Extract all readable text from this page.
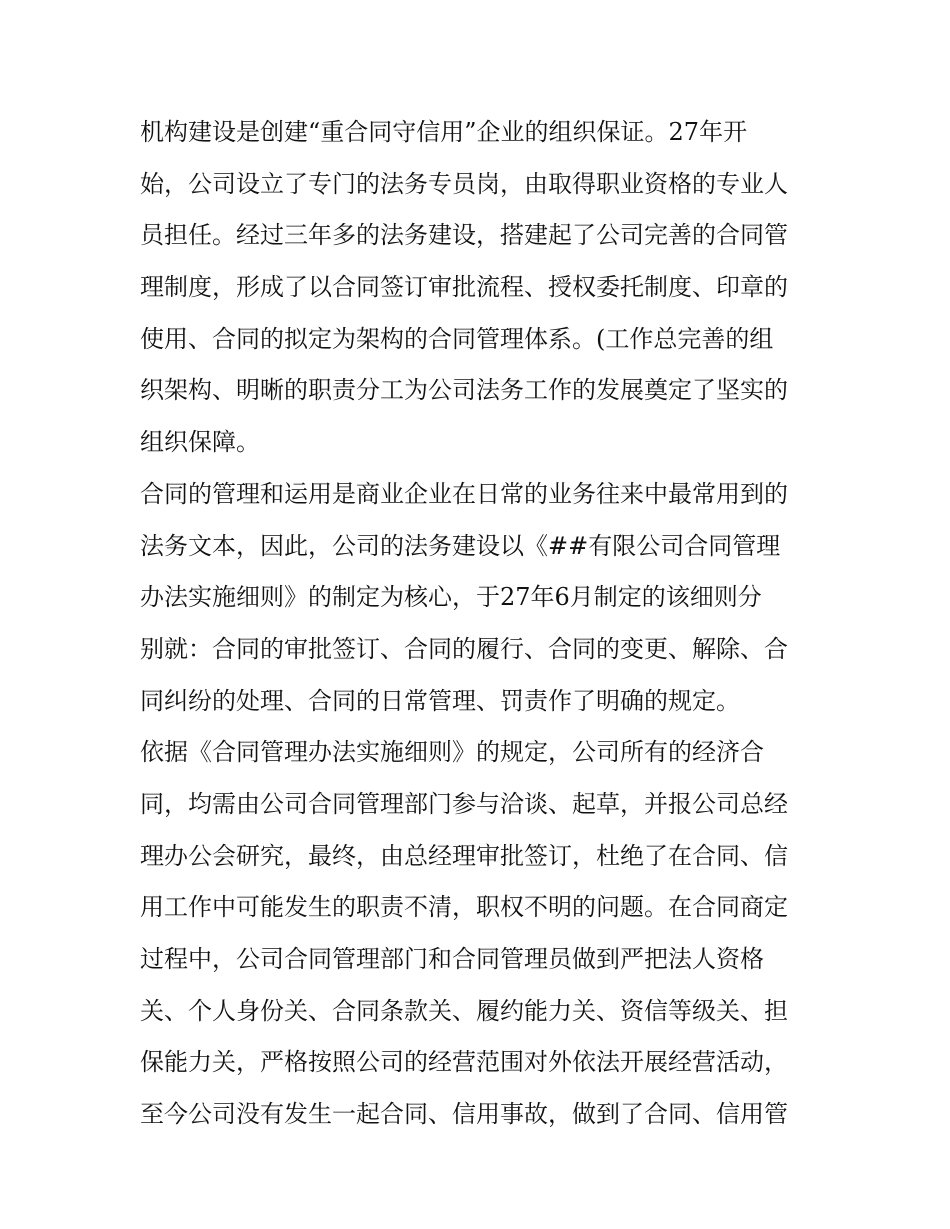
机构建设是创建“重合同守信用”企业的组织保证。27年开
始，公司设立了专门的法务专员岗，由取得职业资格的专业人
员担任。经过三年多的法务建设，搭建起了公司完善的合同管
理制度，形成了以合同签订审批流程、授权委托制度、印章的
使用、合同的拟定为架构的合同管理体系。(工作总完善的组
织架构、明晰的职责分工为公司法务工作的发展奠定了坚实的
组织保障。
合同的管理和运用是商业企业在日常的业务往来中最常用到的
法务文本，因此，公司的法务建设以《##有限公司合同管理
办法实施细则》的制定为核心，于27年6月制定的该细则分
别就：合同的审批签订、合同的履行、合同的变更、解除、合
同纠纷的处理、合同的日常管理、罚责作了明确的规定。
依据《合同管理办法实施细则》的规定，公司所有的经济合
同，均需由公司合同管理部门参与洽谈、起草，并报公司总经
理办公会研究，最终，由总经理审批签订，杜绝了在合同、信
用工作中可能发生的职责不清，职权不明的问题。在合同商定
过程中，公司合同管理部门和合同管理员做到严把法人资格
关、个人身份关、合同条款关、履约能力关、资信等级关、担
保能力关，严格按照公司的经营范围对外依法开展经营活动，
至今公司没有发生一起合同、信用事故，做到了合同、信用管
